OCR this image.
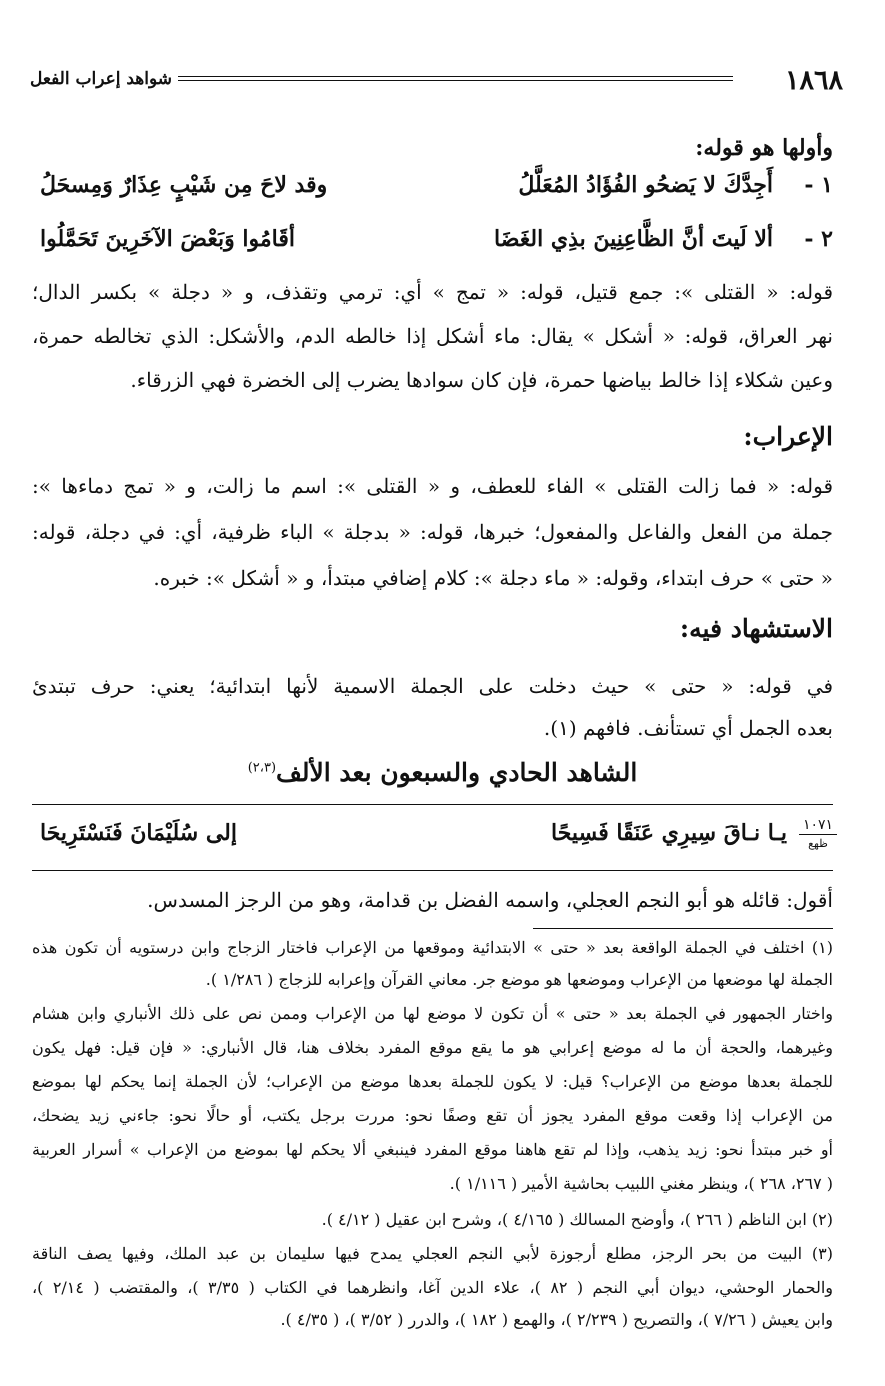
١٨٦٨
شواهد إعراب الفعل
وأولها هو قوله:
١ -
أَجِدَّكَ لا يَضحُو الفُؤَادُ المُعَلَّلُ
وقد لاحَ مِن شَيْبٍ عِذَارٌ وَمِسحَلُ
٢ -
ألا لَيتَ أنَّ الظَّاعِنِينَ بذِي الغَضَا
أقَامُوا وَبَعْضَ الآخَرِينَ تَحَمَّلُوا
قوله: « القتلى »: جمع قتيل، قوله: « تمج » أي: ترمي وتقذف، و « دجلة » بكسر الدال؛
نهر العراق، قوله: « أشكل » يقال: ماء أشكل إذا خالطه الدم، والأشكل: الذي تخالطه حمرة،
وعين شكلاء إذا خالط بياضها حمرة، فإن كان سوادها يضرب إلى الخضرة فهي الزرقاء.
الإعراب:
قوله: « فما زالت القتلى » الفاء للعطف، و « القتلى »: اسم ما زالت، و « تمج دماءها »:
جملة من الفعل والفاعل والمفعول؛ خبرها، قوله: « بدجلة » الباء ظرفية، أي: في دجلة، قوله:
« حتى » حرف ابتداء، وقوله: « ماء دجلة »: كلام إضافي مبتدأ، و « أشكل »: خبره.
الاستشهاد فيه:
في قوله: « حتى » حيث دخلت على الجملة الاسمية لأنها ابتدائية؛ يعني: حرف تبتدئ
بعده الجمل أي تستأنف. فافهم (١).
الشاهد الحادي والسبعون بعد الألف$^{(٢،٣)}$
١٠٧١
ظهع
يـا نـاقَ سِيرِي عَنَقًا فَسِيحًا
إلى سُلَيْمَانَ فَنَسْتَرِيحَا
أقول: قائله هو أبو النجم العجلي، واسمه الفضل بن قدامة، وهو من الرجز المسدس.
(١) اختلف في الجملة الواقعة بعد « حتى » الابتدائية وموقعها من الإعراب فاختار الزجاج وابن درستويه أن تكون هذه
الجملة لها موضعها من الإعراب وموضعها هو موضع جر. معاني القرآن وإعرابه للزجاج ( ١/٢٨٦ ).
واختار الجمهور في الجملة بعد « حتى » أن تكون لا موضع لها من الإعراب وممن نص على ذلك الأنباري وابن هشام
وغيرهما، والحجة أن ما له موضع إعرابي هو ما يقع موقع المفرد بخلاف هنا، قال الأنباري: « فإن قيل: فهل يكون
للجملة بعدها موضع من الإعراب؟ قيل: لا يكون للجملة بعدها موضع من الإعراب؛ لأن الجملة إنما يحكم لها بموضع
من الإعراب إذا وقعت موقع المفرد يجوز أن تقع وصفًا نحو: مررت برجل يكتب، أو حالًا نحو: جاءني زيد يضحك،
أو خبر مبتدأ نحو: زيد يذهب، وإذا لم تقع هاهنا موقع المفرد فينبغي ألا يحكم لها بموضع من الإعراب » أسرار العربية
( ٢٦٧، ٢٦٨ )، وينظر مغني اللبيب بحاشية الأمير ( ١/١١٦ ).
(٢) ابن الناظم ( ٢٦٦ )، وأوضح المسالك ( ٤/١٦٥ )، وشرح ابن عقيل ( ٤/١٢ ).
(٣) البيت من بحر الرجز، مطلع أرجوزة لأبي النجم العجلي يمدح فيها سليمان بن عبد الملك، وفيها يصف الناقة
والحمار الوحشي، ديوان أبي النجم ( ٨٢ )، علاء الدين آغا، وانظرهما في الكتاب ( ٣/٣٥ )، والمقتضب ( ٢/١٤ )،
وابن يعيش ( ٧/٢٦ )، والتصريح ( ٢/٢٣٩ )، والهمع ( ١٨٢ )، والدرر ( ٣/٥٢ )، ( ٤/٣٥ ).
